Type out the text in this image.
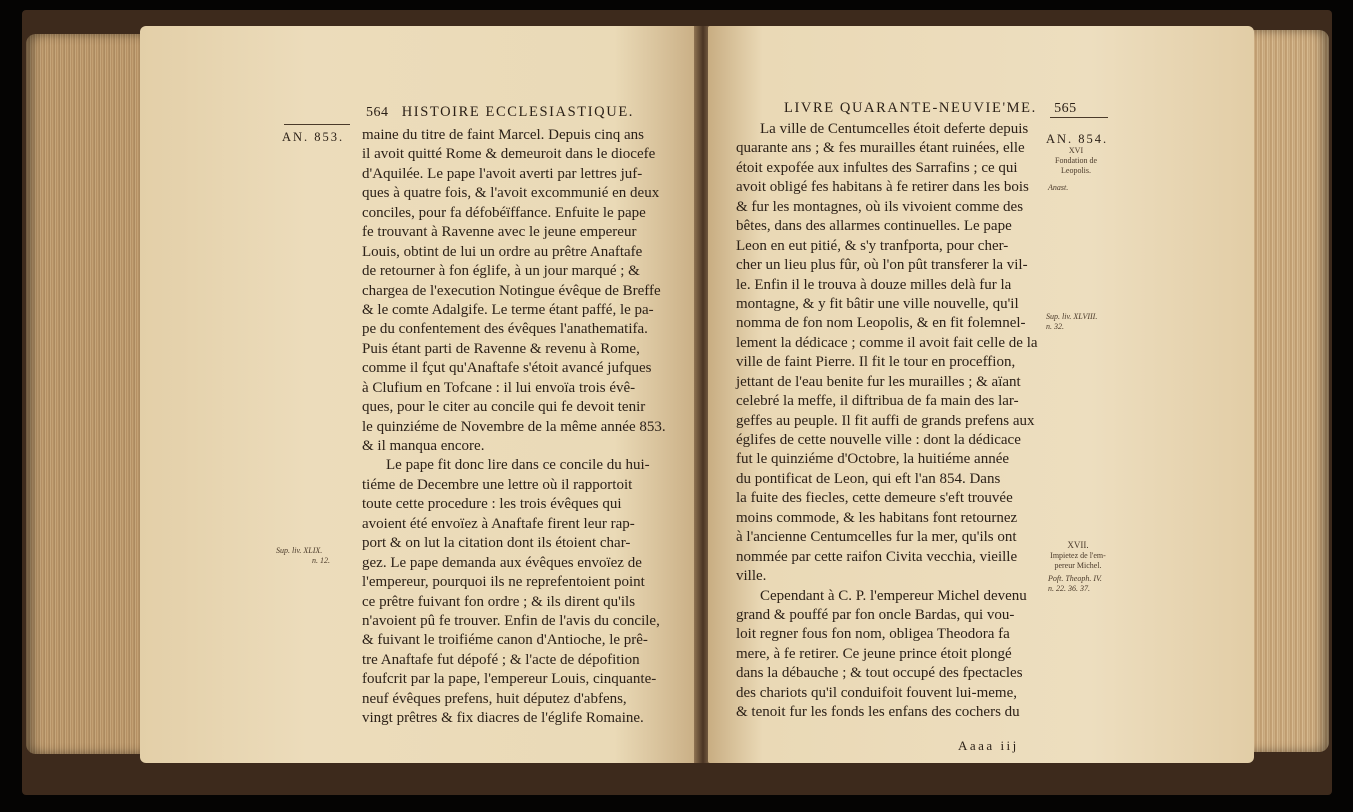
564 HISTOIRE ECCLESIASTIQUE.
AN. 853. maine du titre de faint Marcel. Depuis cinq ans
il avoit quitté Rome & demeuroit dans le diocefe
d'Aquilée. Le pape l'avoit averti par lettres juf-
ques à quatre fois, & l'avoit excommunié en deux
conciles, pour fa défobéïffance. Enfuite le pape
fe trouvant à Ravenne avec le jeune empereur
Louis, obtint de lui un ordre au prêtre Anaftafe
de retourner à fon églife, à un jour marqué ; &
chargea de l'execution Notingue évêque de Breffe
& le comte Adalgife. Le terme étant paffé, le pa-
pe du confentement des évêques l'anathematifa.
Puis étant parti de Ravenne & revenu à Rome,
comme il fçut qu'Anaftafe s'étoit avancé jufques
à Clufium en Tofcane : il lui envoïa trois évê-
ques, pour le citer au concile qui fe devoit tenir
le quinziéme de Novembre de la même année 853.
& il manqua encore.
Le pape fit donc lire dans ce concile du hui-
tiéme de Decembre une lettre où il rapportoit
toute cette procedure : les trois évêques qui
avoient été envoïez à Anaftafe firent leur rap-
port & on lut la citation dont ils étoient char-
gez. Le pape demanda aux évêques envoïez de
l'empereur, pourquoi ils ne reprefentoient point
ce prêtre fuivant fon ordre ; & ils dirent qu'ils
n'avoient pû fe trouver. Enfin de l'avis du concile,
& fuivant le troifiéme canon d'Antioche, le prê-
tre Anaftafe fut dépofé ; & l'acte de dépofition
foufcrit par la pape, l'empereur Louis, cinquante-
neuf évêques prefens, huit députez d'abfens,
vingt prêtres & fix diacres de l'églife Romaine.
Sup. liv. XLIX.
n. 12.
LIVRE QUARANTE-NEUVIE'ME. 565
La ville de Centumcelles étoit deferte depuis
quarante ans ; & fes murailles étant ruinées, elle
étoit expofée aux infultes des Sarrafins ; ce qui
avoit obligé fes habitans à fe retirer dans les bois
& fur les montagnes, où ils vivoient comme des
bêtes, dans des allarmes continuelles. Le pape
Leon en eut pitié, & s'y tranfporta, pour cher-
cher un lieu plus fûr, où l'on pût transferer la vil-
le. Enfin il le trouva à douze milles delà fur la
montagne, & y fit bâtir une ville nouvelle, qu'il
nomma de fon nom Leopolis, & en fit folemnel-
lement la dédicace ; comme il avoit fait celle de la
ville de faint Pierre. Il fit le tour en proceffion,
jettant de l'eau benite fur les murailles ; & aïant
celebré la meffe, il diftribua de fa main des lar-
geffes au peuple. Il fit auffi de grands prefens aux
églifes de cette nouvelle ville : dont la dédicace
fut le quinziéme d'Octobre, la huitiéme année
du pontificat de Leon, qui eft l'an 854. Dans
la fuite des fiecles, cette demeure s'eft trouvée
moins commode, & les habitans font retournez
à l'ancienne Centumcelles fur la mer, qu'ils ont
nommée par cette raifon Civita vecchia, vieille
ville.
Cependant à C. P. l'empereur Michel devenu
grand & pouffé par fon oncle Bardas, qui vou-
loit regner fous fon nom, obligea Theodora fa
mere, à fe retirer. Ce jeune prince étoit plongé
dans la débauche ; & tout occupé des fpectacles
des chariots qu'il conduifoit fouvent lui-meme,
& tenoit fur les fonds les enfans des cochers du
AN. 854.
XVI
Fondation de
Leopolis.
Anast.
Sup. liv. XLVIII.
n. 32.

XVII.
Impietez de l'em-
pereur Michel.
Poft. Theoph. IV.
n. 22. 36. 37.
Aaaa iij
